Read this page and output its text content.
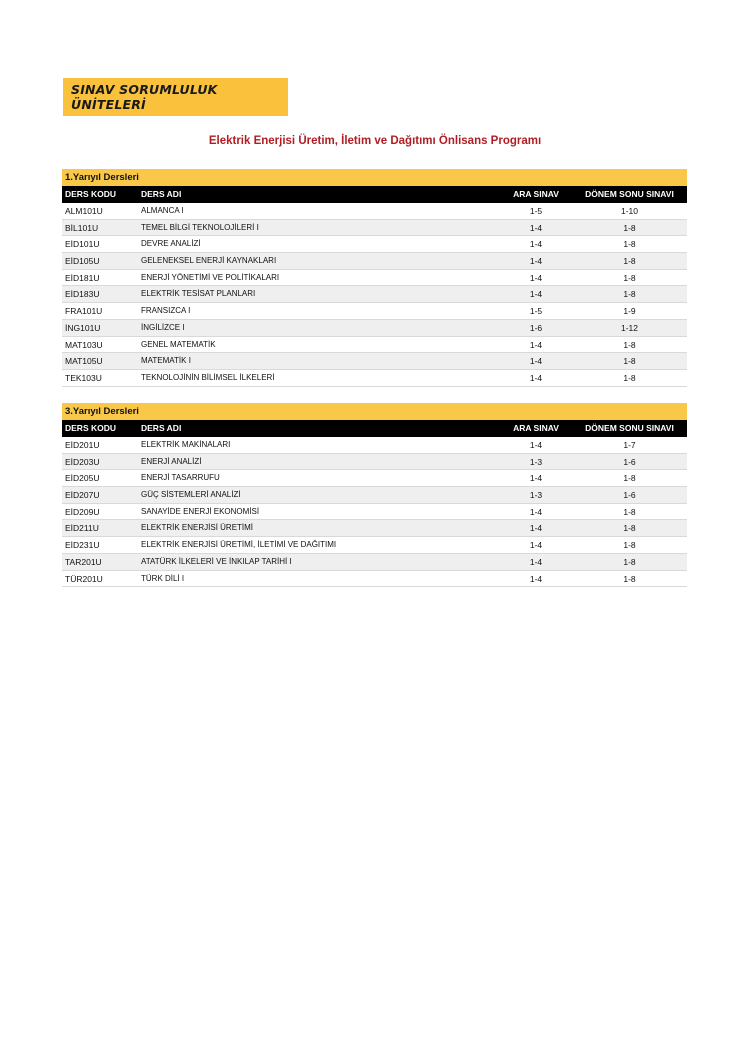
SINAV SORUMLULUK ÜNİTELERİ
Elektrik Enerjisi Üretim, İletim ve Dağıtımı Önlisans Programı
1.Yarıyıl Dersleri
DERS KODU	DERS ADI	ARA SINAV	DÖNEM SONU SINAVI
ALM101U	ALMANCA I	1-5	1-10
BİL101U	TEMEL BİLGİ TEKNOLOJİLERİ I	1-4	1-8
EİD101U	DEVRE ANALİZİ	1-4	1-8
EİD105U	GELENEKSEL ENERJİ KAYNAKLARI	1-4	1-8
EİD181U	ENERJİ YÖNETİMİ VE POLİTİKALARI	1-4	1-8
EİD183U	ELEKTRİK TESİSAT PLANLARI	1-4	1-8
FRA101U	FRANSIZCA I	1-5	1-9
İNG101U	İNGİLİZCE I	1-6	1-12
MAT103U	GENEL MATEMATİK	1-4	1-8
MAT105U	MATEMATİK I	1-4	1-8
TEK103U	TEKNOLOJİNİN BİLİMSEL İLKELERİ	1-4	1-8
3.Yarıyıl Dersleri
DERS KODU	DERS ADI	ARA SINAV	DÖNEM SONU SINAVI
EİD201U	ELEKTRİK MAKİNALARI	1-4	1-7
EİD203U	ENERJİ ANALİZİ	1-3	1-6
EİD205U	ENERJİ TASARRUFU	1-4	1-8
EİD207U	GÜÇ SİSTEMLERİ ANALİZİ	1-3	1-6
EİD209U	SANAYİDE ENERJİ EKONOMİSİ	1-4	1-8
EİD211U	ELEKTRİK ENERJİSİ ÜRETİMİ	1-4	1-8
EİD231U	ELEKTRİK ENERJİSİ ÜRETİMİ, İLETİMİ VE DAĞITIMI	1-4	1-8
TAR201U	ATATÜRK İLKELERİ VE İNKILAP TARİHİ I	1-4	1-8
TÜR201U	TÜRK DİLİ I	1-4	1-8
